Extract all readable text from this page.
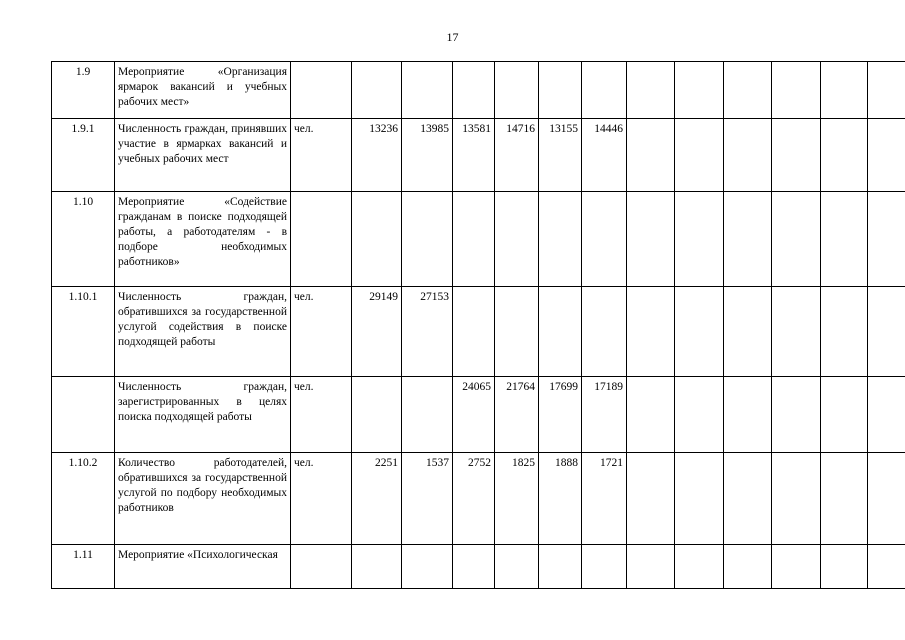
17
1.9	Мероприятие «Организация ярмарок вакансий и учебных рабочих мест»															
1.9.1	Численность граждан, принявших участие в ярмарках вакансий и учебных рабочих мест	чел.	13236	13985	13581	14716	13155	14446								
1.10	Мероприятие «Содействие гражданам в поиске подходящей работы, а работодателям - в подборе необходимых работников»															
1.10.1	Численность граждан, обратившихся за государственной услугой содействия в поиске подходящей работы	чел.	29149	27153												
	Численность граждан, зарегистрированных в целях поиска подходящей работы	чел.			24065	21764	17699	17189								
1.10.2	Количество работодателей, обратившихся за государственной услугой по подбору необходимых работников	чел.	2251	1537	2752	1825	1888	1721								
1.11	Мероприятие «Психологическая															
